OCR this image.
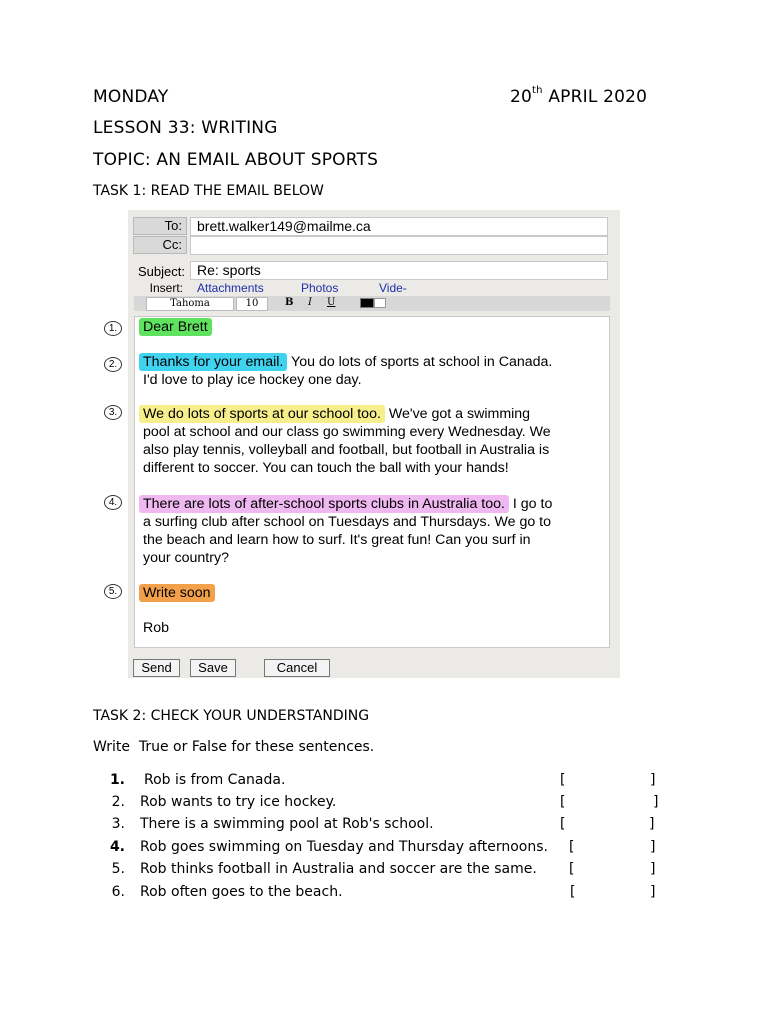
MONDAY	20th APRIL 2020
LESSON 33: WRITING
TOPIC: AN EMAIL ABOUT SPORTS
TASK 1: READ THE EMAIL BELOW
To:	brett.walker149@mailme.ca
Cc:
Subject: Re: sports
Insert: Attachments	Photos	Vide-
Tahoma	10	B I U
1.
2.
3.
4.
5.
Dear Brett
Thanks for your email. You do lots of sports at school in Canada.
I'd love to play ice hockey one day.
We do lots of sports at our school too. We've got a swimming
pool at school and our class go swimming every Wednesday. We
also play tennis, volleyball and football, but football in Australia is
different to soccer. You can touch the ball with your hands!
There are lots of after-school sports clubs in Australia too. I go to
a surfing club after school on Tuesdays and Thursdays. We go to
the beach and learn how to surf. It's great fun! Can you surf in
your country?
Write soon
Rob
Send	Save	Cancel
TASK 2: CHECK YOUR UNDERSTANDING
Write  True or False for these sentences.
1. Rob is from Canada.	[	]
2. Rob wants to try ice hockey.	[	]
3. There is a swimming pool at Rob's school.	[	]
4. Rob goes swimming on Tuesday and Thursday afternoons. [	]
5. Rob thinks football in Australia and soccer are the same. [	]
6. Rob often goes to the beach.	[	]
